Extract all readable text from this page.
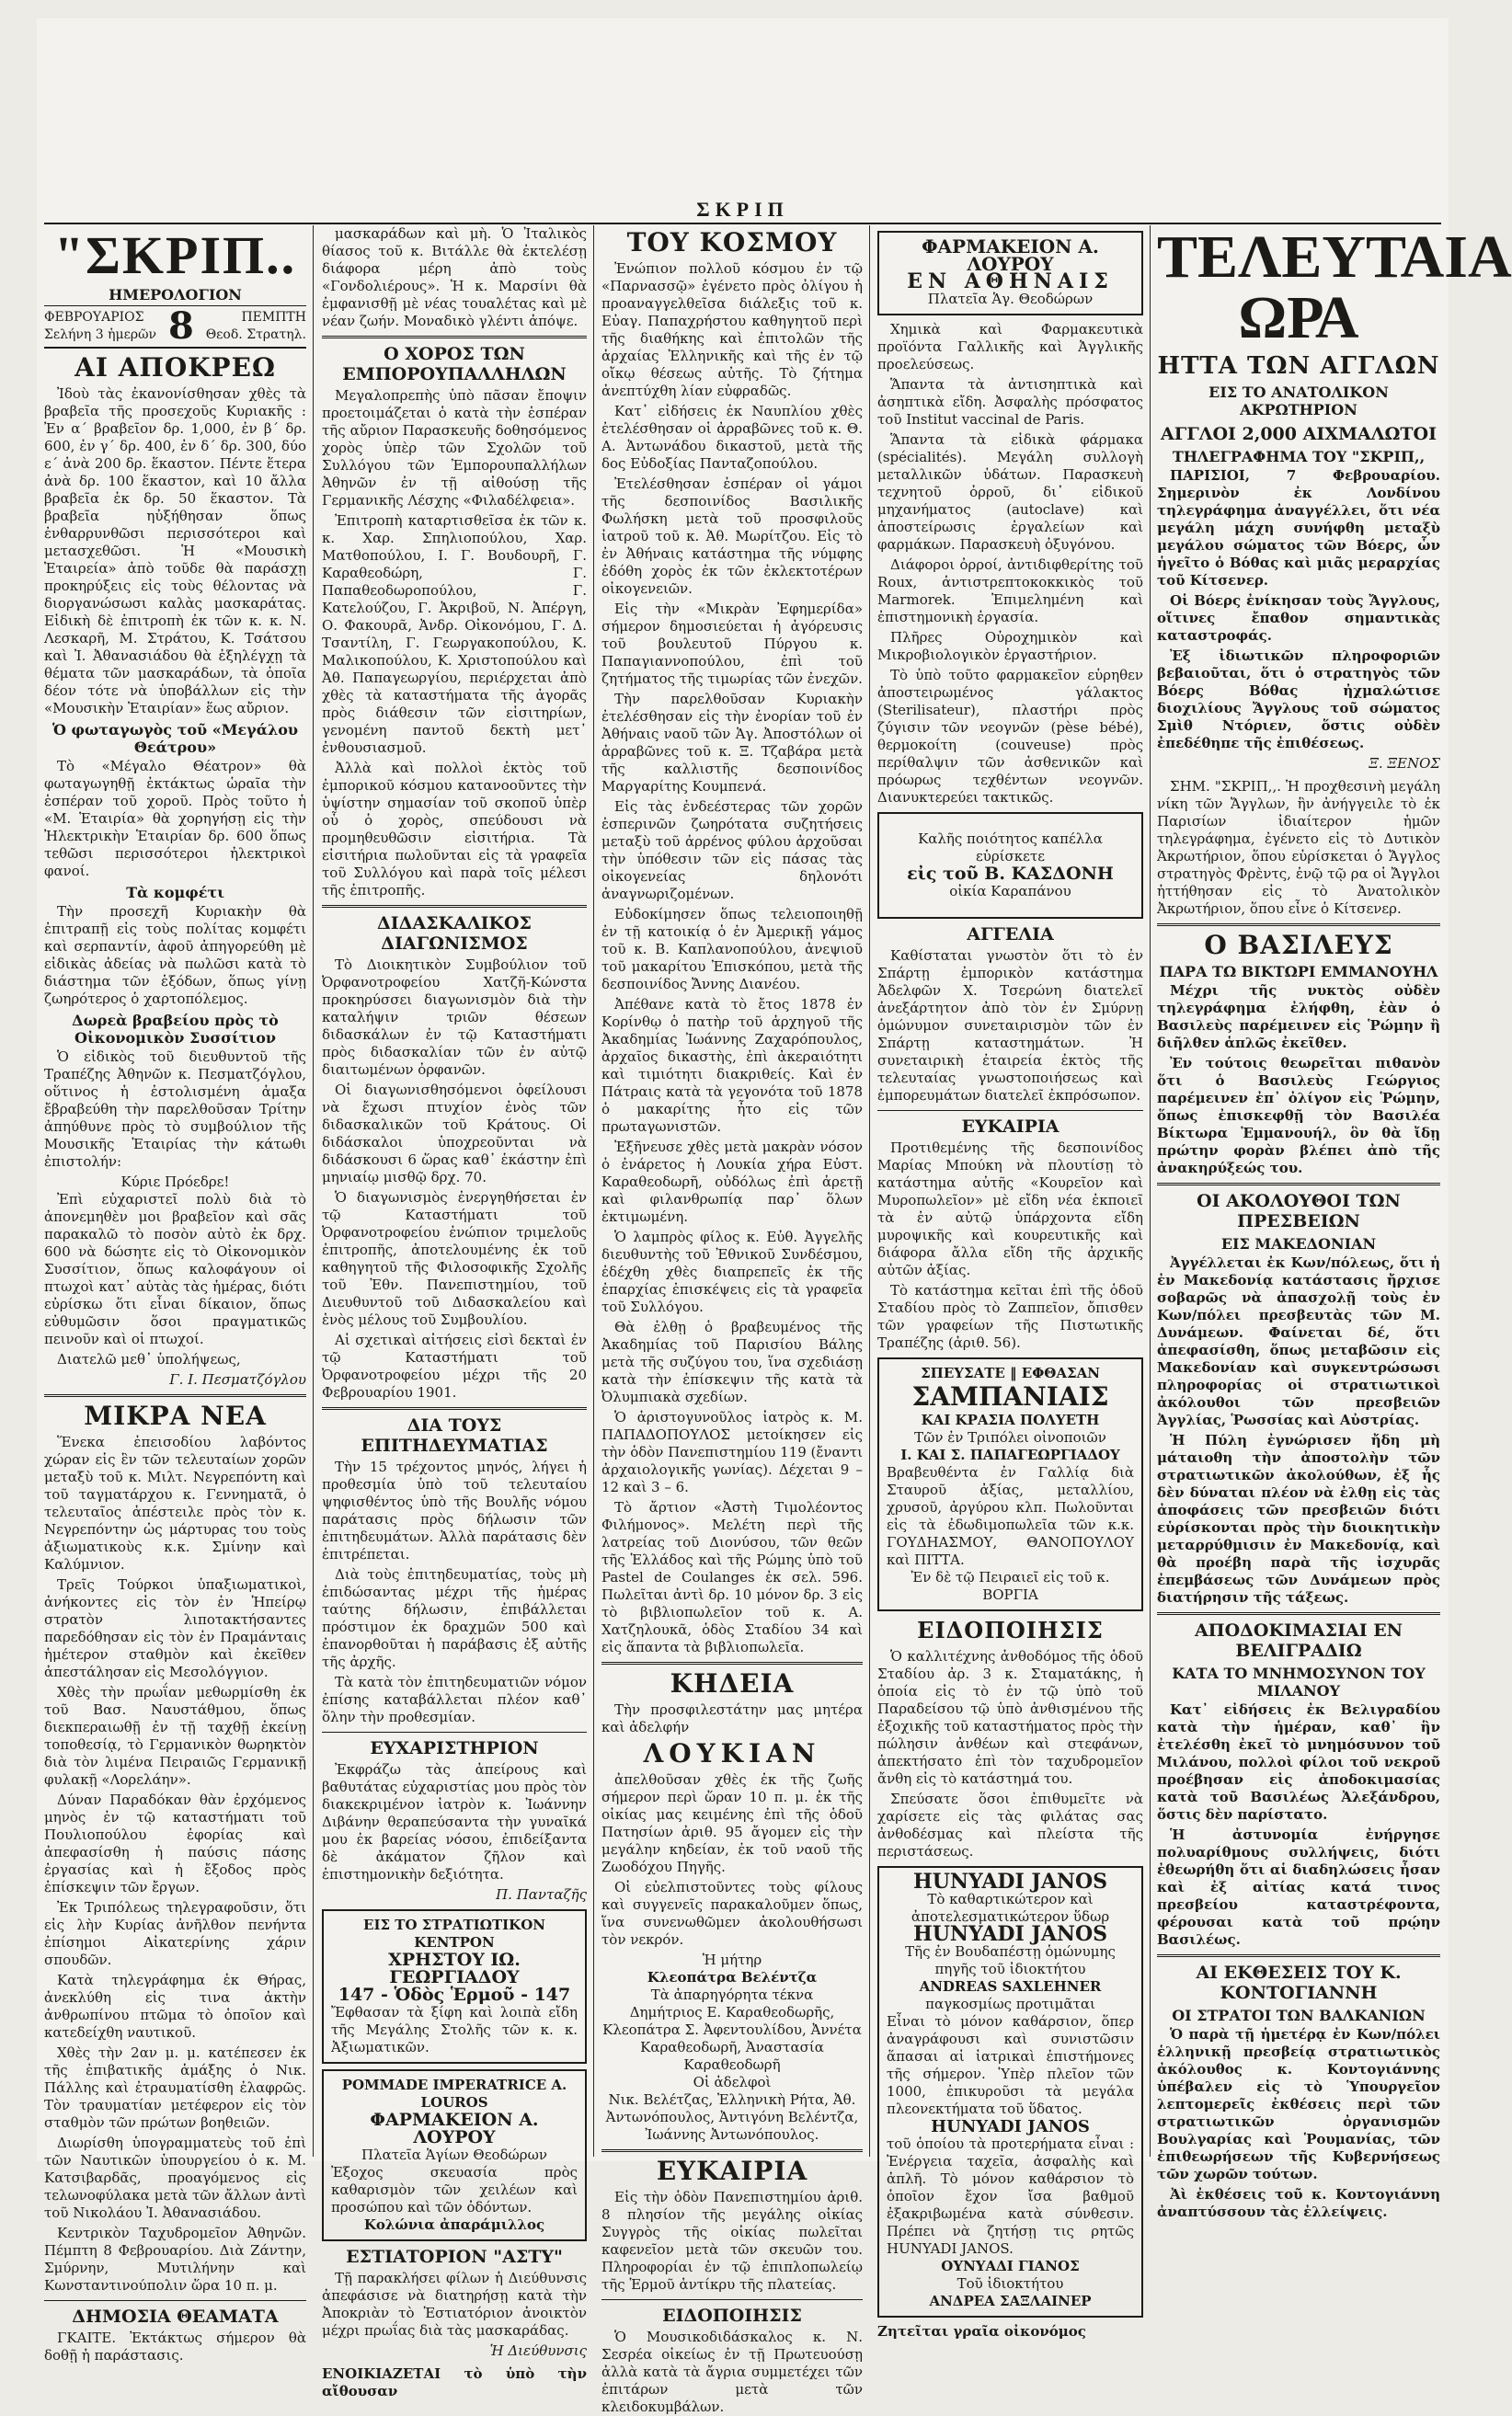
ΣΚΡΙΠ
"ΣΚΡΙΠ..
ΗΜΕΡΟΛΟΓΙΟΝ
ΦΕΒΡΟΥΑΡΙΟΣ
Σελήνη 3 ἡμερῶν 8	ΠΕΜΠΤΗ
Θεοδ. Στρατηλ.
ΑΙ ΑΠΟΚΡΕΩ

Ἰδοὺ τὰς ἐκανονίσθησαν χθὲς τὰ βραβεῖα τῆς προσεχοῦς Κυριακῆς : Ἐν α´ βραβεῖον δρ. 1,000, ἐν β´ δρ. 600, ἐν γ´ δρ. 400, ἐν δ´ δρ. 300, δύο ε´ ἀνὰ 200 δρ. ἕκαστον. Πέντε ἕτερα ἀνὰ δρ. 100 ἕκαστον, καὶ 10 ἄλλα βραβεῖα ἐκ δρ. 50 ἕκαστον. Τὰ βραβεῖα ηὐξήθησαν ὅπως ἐνθαρρυνθῶσι περισσότεροι καὶ μετασχεθῶσι. Ἡ «Μουσικὴ Ἑταιρεία» ἀπὸ τοῦδε θὰ παράσχῃ προκηρύξεις εἰς τοὺς θέλοντας νὰ διοργανώσωσι καλὰς μασκαράτας. Εἰδικὴ δὲ ἐπιτροπὴ ἐκ τῶν κ. κ. Ν. Λεσκαρῆ, Μ. Στράτου, Κ. Τσάτσου καὶ Ἰ. Ἀθανασιάδου θὰ ἐξηλέγχῃ τὰ θέματα τῶν μασκαράδων, τὰ ὁποῖα δέον τότε νὰ ὑποβάλλων εἰς τὴν «Μουσικὴν Ἑταιρίαν» ἕως αὔριον.

Ὁ φωταγωγὸς τοῦ «Μεγάλου Θεάτρου»

Τὸ «Μέγαλο Θέατρον» θὰ φωταγωγηθῇ ἐκτάκτως ὡραῖα τὴν ἑσπέραν τοῦ χοροῦ. Πρὸς τοῦτο ἡ «Μ. Ἑταιρία» θὰ χορηγήσῃ εἰς τὴν Ἠλεκτρικὴν Ἑταιρίαν δρ. 600 ὅπως τεθῶσι περισσότεροι ἠλεκτρικοὶ φανοί.

Τὰ κομφέτι

Τὴν προσεχῆ Κυριακὴν θὰ ἐπιτραπῇ εἰς τοὺς πολίτας κομφέτι καὶ σερπαντίν, ἀφοῦ ἀπηγορεύθη μὲ εἰδικὰς ἀδείας νὰ πωλῶσι κατὰ τὸ διάστημα τῶν ἑξόδων, ὅπως γίνῃ ζωηρότερος ὁ χαρτοπόλεμος.

Δωρεὰ βραβείου πρὸς τὸ Οἰκονομικὸν Συσσίτιον

Ὁ εἰδικὸς τοῦ διευθυντοῦ τῆς Τραπέζης Ἀθηνῶν κ. Πεσματζόγλου, οὕτινος ἡ ἐστολισμένη ἁμαξα ἔβραβεύθη τὴν παρελθοῦσαν Τρίτην ἀπηύθυνε πρὸς τὸ συμβούλιον τῆς Μουσικῆς Ἑταιρίας τὴν κάτωθι ἐπιστολήν:

Κύριε Πρόεδρε!

Ἐπὶ εὐχαριστεῖ πολὺ διὰ τὸ ἀπονεμηθὲν μοι βραβεῖον καὶ σᾶς παρακαλῶ τὸ ποσὸν αὐτὸ ἐκ δρχ. 600 νὰ δώσητε εἰς τὸ Οἰκονομικὸν Συσσίτιον, ὅπως καλοφάγουν οἱ πτωχοὶ κατ᾽ αὐτὰς τὰς ἡμέρας, διότι εὐρίσκω ὅτι εἶναι δίκαιον, ὅπως εὐθυμῶσιν ὅσοι πραγματικῶς πεινοῦν καὶ οἱ πτωχοί.

Διατελῶ μεθ᾽ ὑπολήψεως,

Γ. Ι. Πεσματζόγλου
ΜΙΚΡΑ ΝΕΑ

Ἕνεκα ἐπεισοδίου λαβόντος χώραν εἰς ἓν τῶν τελευταίων χορῶν μεταξὺ τοῦ κ. Μιλτ. Νεγρεπόντη καὶ τοῦ ταγματάρχου κ. Γεννηματᾶ, ὁ τελευταῖος ἀπέστειλε πρὸς τὸν κ. Νεγρεπόντην ὡς μάρτυρας του τοὺς ἀξιωματικοὺς κ.κ. Σμίνην καὶ Καλύμνιον.

Τρεῖς Τούρκοι ὑπαξιωματικοὶ, ἀνήκοντες εἰς τὸν ἐν Ἠπείρῳ στρατὸν λιποτακτήσαντες παρεδόθησαν εἰς τὸν ἐν Πραμάνταις ἡμέτερον σταθμὸν καὶ ἐκεῖθεν ἀπεστάλησαν εἰς Μεσολόγγιον.

Χθὲς τὴν πρωΐαν μεθωρμίσθη ἐκ τοῦ Βασ. Ναυστάθμου, ὅπως διεκπεραιωθῇ ἐν τῇ ταχθῇ ἐκείνῃ τοποθεσίᾳ, τὸ Γερμανικὸν θωρηκτὸν διὰ τὸν λιμένα Πειραιῶς Γερμανικῇ φυλακῇ «Λορελάην».

Δύναν Παραδόκαν θὰν ἐρχόμενος μηνὸς ἐν τῷ καταστήματι τοῦ Πουλιοπούλου ἐφορίας καὶ ἀπεφασίσθη ἡ παύσις πάσης ἐργασίας καὶ ἡ ἔξοδος πρὸς ἐπίσκεψιν τῶν ἔργων.

Ἐκ Τριπόλεως τηλεγραφοῦσιν, ὅτι εἰς λὴν Κυρίας ἀνῆλθον πενήντα ἐπίσημοι Αἰκατερίνης χάριν σπουδῶν.

Κατὰ τηλεγράφημα ἐκ Θήρας, ἀνεκλύθη εἰς τινα ἀκτὴν ἀνθρωπίνου πτῶμα τὸ ὁποῖον καὶ κατεδείχθη ναυτικοῦ.

Χθὲς τὴν 2αν μ. μ. κατέπεσεν ἐκ τῆς ἐπιβατικῆς ἁμάξης ὁ Νικ. Πάλλης καὶ ἐτραυματίσθη ἐλαφρῶς. Τὸν τραυματίαν μετέφερον εἰς τὸν σταθμὸν τῶν πρώτων βοηθειῶν.

Διωρίσθη ὑπογραμματεὺς τοῦ ἐπὶ τῶν Ναυτικῶν ὑπουργείου ὁ κ. Μ. Κατσιβαρδᾶς, προαγόμενος εἰς τελωνοφύλακα μετὰ τῶν ἄλλων ἀντὶ τοῦ Νικολάου Ἰ. Ἀθανασιάδου.

Κεντρικὸν Ταχυδρομεῖον Ἀθηνῶν. Πέμπτη 8 Φεβρουαρίου. Διὰ Ζάντην, Σμύρνην, Μυτιλήνην καὶ Κωνσταντινούπολιν ὥρα 10 π. μ.

ΔΗΜΟΣΙΑ ΘΕΑΜΑΤΑ

ΓΚΑΙΤΕ. Ἐκτάκτως σήμερον θὰ δοθῇ ἡ παράστασις.

μασκαράδων καὶ μὴ. Ὁ Ἰταλικὸς θίασος τοῦ κ. Βιτάλλε θὰ ἐκτελέσῃ διάφορα μέρη ἀπὸ τοὺς «Γονδολιέρους». Ἡ κ. Μαρσίνι θὰ ἐμφανισθῇ μὲ νέας τουαλέτας καὶ μὲ νέαν ζωήν. Μοναδικὸ γλέντι ἀπόψε.

Ο ΧΟΡΟΣ ΤΩΝ ΕΜΠΟΡΟΥΠΑΛΛΗΛΩΝ

Μεγαλοπρεπὴς ὑπὸ πᾶσαν ἔποψιν προετοιμάζεται ὁ κατὰ τὴν ἑσπέραν τῆς αὔριον Παρασκευῆς δοθησόμενος χορὸς ὑπὲρ τῶν Σχολῶν τοῦ Συλλόγου τῶν Ἐμπορουπαλλήλων Ἀθηνῶν ἐν τῇ αἰθούσῃ τῆς Γερμανικῆς Λέσχης «Φιλαδέλφεια».

Ἐπιτροπὴ καταρτισθεῖσα ἐκ τῶν κ. κ. Χαρ. Σπηλιοπούλου, Χαρ. Ματθοπούλου, Ι. Γ. Βουδουρῆ, Γ. Καραθεοδώρη, Γ. Παπαθεοδωροπούλου, Γ. Κατελούζου, Γ. Ἀκριβοῦ, Ν. Ἀπέργη, Ο. Φακουρᾶ, Ἀνδρ. Οἰκονόμου, Γ. Δ. Τσαντίλη, Γ. Γεωργακοπούλου, Κ. Μαλικοπούλου, Κ. Χριστοπούλου καὶ Ἀθ. Παπαγεωργίου, περιέρχεται ἀπὸ χθὲς τὰ καταστήματα τῆς ἀγορᾶς πρὸς διάθεσιν τῶν εἰσιτηρίων, γενομένη παντοῦ δεκτὴ μετ᾽ ἐνθουσιασμοῦ.

Ἀλλὰ καὶ πολλοὶ ἐκτὸς τοῦ ἐμπορικοῦ κόσμου κατανοοῦντες τὴν ὑψίστην σημασίαν τοῦ σκοποῦ ὑπὲρ οὗ ὁ χορὸς, σπεύδουσι νὰ προμηθευθῶσιν εἰσιτήρια. Τὰ εἰσιτήρια πωλοῦνται εἰς τὰ γραφεῖα τοῦ Συλλόγου καὶ παρὰ τοῖς μέλεσι τῆς ἐπιτροπῆς.

ΔΙΔΑΣΚΑΛΙΚΟΣ ΔΙΑΓΩΝΙΣΜΟΣ

Τὸ Διοικητικὸν Συμβούλιον τοῦ Ὀρφανοτροφείου Χατζῆ-Κώνστα προκηρύσσει διαγωνισμὸν διὰ τὴν καταλήψιν τριῶν θέσεων διδασκάλων ἐν τῷ Καταστήματι πρὸς διδασκαλίαν τῶν ἐν αὐτῷ διαιτωμένων ὀρφανῶν.

Οἱ διαγωνισθησόμενοι ὀφείλουσι νὰ ἔχωσι πτυχίον ἐνὸς τῶν διδασκαλικῶν τοῦ Κράτους. Οἱ διδάσκαλοι ὑποχρεοῦνται νὰ διδάσκουσι 6 ὥρας καθ᾽ ἑκάστην ἐπὶ μηνιαίῳ μισθῷ δρχ. 70.

Ὁ διαγωνισμὸς ἐνεργηθήσεται ἐν τῷ Καταστήματι τοῦ Ὀρφανοτροφείου ἐνώπιον τριμελοῦς ἐπιτροπῆς, ἀποτελουμένης ἐκ τοῦ καθηγητοῦ τῆς Φιλοσοφικῆς Σχολῆς τοῦ Ἐθν. Πανεπιστημίου, τοῦ Διευθυντοῦ τοῦ Διδασκαλείου καὶ ἑνὸς μέλους τοῦ Συμβουλίου.

Αἱ σχετικαὶ αἰτήσεις εἰσὶ δεκταὶ ἐν τῷ Καταστήματι τοῦ Ὀρφανοτροφείου μέχρι τῆς 20 Φεβρουαρίου 1901.

ΔΙΑ ΤΟΥΣ ΕΠΙΤΗΔΕΥΜΑΤΙΑΣ

Τὴν 15 τρέχοντος μηνός, λήγει ἡ προθεσμία ὑπὸ τοῦ τελευταίου ψηφισθέντος ὑπὸ τῆς Βουλῆς νόμου παράτασις πρὸς δήλωσιν τῶν ἐπιτηδευμάτων. Ἀλλὰ παράτασις δὲν ἐπιτρέπεται.

Διὰ τοὺς ἐπιτηδευματίας, τοὺς μὴ ἐπιδώσαντας μέχρι τῆς ἡμέρας ταύτης δήλωσιν, ἐπιβάλλεται πρόστιμον ἐκ δραχμῶν 500 καὶ ἐπανορθοῦται ἡ παράβασις ἐξ αὐτῆς τῆς ἀρχῆς.

Τὰ κατὰ τὸν ἐπιτηδευματιῶν νόμον ἐπίσης καταβάλλεται πλέον καθ᾽ ὅλην τὴν προθεσμίαν.

ΕΥΧΑΡΙΣΤΗΡΙΟΝ

Ἐκφράζω τὰς ἀπείρους καὶ βαθυτάτας εὐχαριστίας μου πρὸς τὸν διακεκριμένον ἰατρὸν κ. Ἰωάννην Διβάνην θεραπεύσαντα τὴν γυναῖκά μου ἐκ βαρείας νόσου, ἐπιδείξαντα δὲ ἀκάματον ζῆλον καὶ ἐπιστημονικὴν δεξιότητα.

Π. Πανταζῆς
ΕΙΣ ΤΟ ΣΤΡΑΤΙΩΤΙΚΟΝ ΚΕΝΤΡΟΝ
ΧΡΗΣΤΟΥ ΙΩ. ΓΕΩΡΓΙΑΔΟΥ
147 - Ὁδὸς Ἑρμοῦ - 147
Ἔφθασαν τὰ ξίφη καὶ λοιπὰ εἴδη τῆς Μεγάλης Στολῆς τῶν κ. κ. Ἀξιωματικῶν.
POMMADE IMPERATRICE A. LOUROS
ΦΑΡΜΑΚΕΙΟΝ Α. ΛΟΥΡΟΥ
Πλατεῖα Ἁγίων Θεοδώρων
Ἐξοχος σκευασία πρὸς καθαρισμὸν τῶν χειλέων καὶ προσώπου καὶ τῶν ὀδόντων.
Κολώνια ἀπαράμιλλος
ΕΣΤΙΑΤΟΡΙΟΝ "ΑΣΤΥ"

Τῇ παρακλήσει φίλων ἡ Διεύθυνσις ἀπεφάσισε νὰ διατηρήσῃ κατὰ τὴν Ἀποκριὰν τὸ Ἑστιατόριον ἀνοικτὸν μέχρι πρωΐας διὰ τὰς μασκαράδας.

Ἡ Διεύθυνσις
ΕΝΟΙΚΙΑΖΕΤΑΙ τὸ ὑπὸ τὴν αἴθουσαν
ΤΟΥ ΚΟΣΜΟΥ

Ἐνώπιον πολλοῦ κόσμου ἐν τῷ «Παρνασσῷ» ἐγένετο πρὸς ὀλίγου ἡ προαναγγελθεῖσα διάλεξις τοῦ κ. Εὐαγ. Παπαχρήστου καθηγητοῦ περὶ τῆς διαθήκης καὶ ἐπιτολῶν τῆς ἀρχαίας Ἑλληνικῆς καὶ τῆς ἐν τῷ οἴκῳ θέσεως αὐτῆς. Τὸ ζήτημα ἀνεπτύχθη λίαν εὐφραδῶς.

Κατ᾽ εἰδήσεις ἐκ Ναυπλίου χθὲς ἐτελέσθησαν οἱ ἀρραβῶνες τοῦ κ. Θ. Α. Ἀντωνάδου δικαστοῦ, μετὰ τῆς δος Εὐδοξίας Πανταζοπούλου.

Ἐτελέσθησαν ἐσπέραν οἱ γάμοι τῆς δεσποινίδος Βασιλικῆς Φωλήσκη μετὰ τοῦ προσφιλοῦς ἰατροῦ τοῦ κ. Ἀθ. Μωρίτζου. Εἰς τὸ ἐν Ἀθήναις κατάστημα τῆς νύμφης ἐδόθη χορὸς ἐκ τῶν ἐκλεκτοτέρων οἰκογενειῶν.

Εἰς τὴν «Μικρὰν Ἐφημερίδα» σήμερον δημοσιεύεται ἡ ἀγόρευσις τοῦ βουλευτοῦ Πύργου κ. Παπαγιαννοπούλου, ἐπὶ τοῦ ζητήματος τῆς τιμωρίας τῶν ἐνεχῶν.

Τὴν παρελθοῦσαν Κυριακὴν ἐτελέσθησαν εἰς τὴν ἐνορίαν τοῦ ἐν Ἀθήναις ναοῦ τῶν Ἁγ. Ἀποστόλων οἱ ἀρραβῶνες τοῦ κ. Ξ. Τζαβάρα μετὰ τῆς καλλιστῆς δεσποινίδος Μαργαρίτης Κουμπενά.

Εἰς τὰς ἐνδεέστερας τῶν χορῶν ἑσπερινῶν ζωηρότατα συζητήσεις μεταξὺ τοῦ ἀρρένος φύλου ἀρχοῦσαι τὴν ὑπόθεσιν τῶν εἰς πάσας τὰς οἰκογενείας δηλονότι ἀναγνωριζομένων.

Εὐδοκίμησεν ὅπως τελειοποιηθῇ ἐν τῇ κατοικίᾳ ὁ ἐν Ἀμερικῇ γάμος τοῦ κ. Β. Καπλανοπούλου, ἀνεψιοῦ τοῦ μακαρίτου Ἐπισκόπου, μετὰ τῆς δεσποινίδος Ἄννης Διανέου.

Ἀπέθανε κατὰ τὸ ἔτος 1878 ἐν Κορίνθῳ ὁ πατὴρ τοῦ ἀρχηγοῦ τῆς Ἀκαδημίας Ἰωάννης Ζαχαρόπουλος, ἀρχαῖος δικαστὴς, ἐπὶ ἀκεραιότητι καὶ τιμιότητι διακριθείς. Καὶ ἐν Πάτραις κατὰ τὰ γεγονότα τοῦ 1878 ὁ μακαρίτης ἦτο εἰς τῶν πρωταγωνιστῶν.

Ἐξῆνευσε χθὲς μετὰ μακρὰν νόσον ὁ ἐνάρετος ἡ Λουκία χήρα Εὐστ. Καραθεοδωρῆ, οὐδόλως ἐπὶ ἀρετῇ καὶ φιλανθρωπίᾳ παρ᾽ ὅλων ἐκτιμωμένη.

Ὁ λαμπρὸς φίλος κ. Εὐθ. Ἀγγελῆς διευθυντὴς τοῦ Ἐθνικοῦ Συνδέσμου, ἐδέχθη χθὲς διαπρεπεῖς ἐκ τῆς ἐπαρχίας ἐπισκέψεις εἰς τὰ γραφεῖα τοῦ Συλλόγου.

Θὰ ἐλθῃ ὁ βραβευμένος τῆς Ἀκαδημίας τοῦ Παρισίου Βάλης μετὰ τῆς συζύγου του, ἵνα σχεδιάσῃ κατὰ τὴν ἐπίσκεψιν τῆς κατὰ τὰ Ὀλυμπιακὰ σχεδίων.

Ὁ ἀριστογυνοῦλος ἰατρὸς κ. Μ. ΠΑΠΑΔΟΠΟΥΛΟΣ μετοίκησεν εἰς τὴν ὁδὸν Πανεπιστημίου 119 (ἔναντι ἀρχαιολογικῆς γωνίας). Δέχεται 9 – 12 καὶ 3 – 6.

Τὸ ἄρτιον «Ἀστὴ Τιμολέοντος Φιλήμονος». Μελέτη περὶ τῆς λατρείας τοῦ Διονύσου, τῶν θεῶν τῆς Ἑλλάδος καὶ τῆς Ρώμης ὑπὸ τοῦ Pastel de Coulanges ἐκ σελ. 596. Πωλεῖται ἀντὶ δρ. 10 μόνον δρ. 3 εἰς τὸ βιβλιοπωλεῖον τοῦ κ. Α. Χατζηλουκᾶ, ὁδὸς Σταδίου 34 καὶ εἰς ἅπαντα τὰ βιβλιοπωλεῖα.

ΚΗΔΕΙΑ

Τὴν προσφιλεστάτην μας μητέρα καὶ ἀδελφήν

ΛΟΥΚΙΑΝ

ἀπελθοῦσαν χθὲς ἐκ τῆς ζωῆς σήμερον περὶ ὥραν 10 π. μ. ἐκ τῆς οἰκίας μας κειμένης ἐπὶ τῆς ὁδοῦ Πατησίων ἀριθ. 95 ἄγομεν εἰς τὴν μεγάλην κηδείαν, ἐκ τοῦ ναοῦ τῆς Ζωοδόχου Πηγῆς.

Οἱ εὐελπιστοῦντες τοὺς φίλους καὶ συγγενεῖς παρακαλοῦμεν ὅπως, ἵνα συνενωθῶμεν ἀκολουθήσωσι τὸν νεκρόν.

Ἡ μήτηρ
Κλεοπάτρα Βελέντζα
Τὰ ἀπαρηγόρητα τέκνα
Δημήτριος Ε. Καραθεοδωρῆς, Κλεοπάτρα Σ. Ἀφεντουλίδου, Ἀννέτα Καραθεοδωρῆ, Ἀναστασία Καραθεοδωρῆ
Οἱ ἀδελφοὶ
Νικ. Βελέτζας, Ἑλληνικὴ Ρήτα, Ἀθ. Ἀντωνόπουλος, Ἀντιγόνη Βελέντζα, Ἰωάννης Ἀντωνόπουλος.
ΕΥΚΑΙΡΙΑ

Εἰς τὴν ὁδὸν Πανεπιστημίου ἀριθ. 8 πλησίον τῆς μεγάλης οἰκίας Συγγρὸς τῆς οἰκίας πωλεῖται καφενεῖον μετὰ τῶν σκευῶν του. Πληροφορίαι ἐν τῷ ἐπιπλοπωλείῳ τῆς Ἑρμοῦ ἁντίκρυ τῆς πλατείας.

ΕΙΔΟΠΟΙΗΣΙΣ

Ὁ Μουσικοδιδάσκαλος κ. Ν. Σεσρέα οἰκείως ἐν τῇ Πρωτευούσῃ ἀλλὰ κατὰ τὰ ἄγρια συμμετέχει τῶν ἐπιτάρων μετὰ τῶν κλειδοκυμβάλων.

ΦΑΡΜΑΚΕΙΟΝ Α. ΛΟΥΡΟΥ
ΕΝ ΑΘΗΝΑΙΣ
Πλατεῖα Ἁγ. Θεοδώρων

Χημικὰ καὶ Φαρμακευτικὰ προϊόντα Γαλλικῆς καὶ Ἀγγλικῆς προελεύσεως.

Ἅπαντα τὰ ἀντισηπτικὰ καὶ ἀσηπτικὰ εἴδη. Ἀσφαλὴς πρόσφατος τοῦ Institut vaccinal de Paris.

Ἅπαντα τὰ εἰδικὰ φάρμακα (spécialités). Μεγάλη συλλογὴ μεταλλικῶν ὑδάτων. Παρασκευὴ τεχνητοῦ ὀρροῦ, δι᾽ εἰδικοῦ μηχανήματος (autoclave) καὶ ἀποστείρωσις ἐργαλείων καὶ φαρμάκων. Παρασκευὴ ὀξυγόνου.

Διάφοροι ὀρροί, ἀντιδιφθερίτης τοῦ Roux, ἀντιστρεπτοκοκκικὸς τοῦ Marmorek. Ἐπιμελημένη καὶ ἐπιστημονικὴ ἐργασία.

Πλῆρες Οὐροχημικὸν καὶ Μικροβιολογικὸν ἐργαστήριον.

Τὸ ὑπὸ τοῦτο φαρμακεῖον εὑρηθεν ἀποστειρωμένος γάλακτος (Sterilisateur), πλαστήρι πρὸς ζύγισιν τῶν νεογνῶν (pèse bébé), θερμοκοίτη (couveuse) πρὸς περίθαλψιν τῶν ἀσθενικῶν καὶ πρόωρως τεχθέντων νεογνῶν. Διανυκτερεύει τακτικῶς.

Καλῆς ποιότητος καπέλλα εὑρίσκετε
εἰς τοῦ Β. ΚΑΣΔΟΝΗ
οἰκία Καραπάνου
ΑΓΓΕΛΙΑ

Καθίσταται γνωστὸν ὅτι τὸ ἐν Σπάρτῃ ἐμπορικὸν κατάστημα Ἀδελφῶν Χ. Τσερώνη διατελεῖ ἀνεξάρτητον ἀπὸ τὸν ἐν Σμύρνῃ ὁμώνυμον συνεταιρισμὸν τῶν ἐν Σπάρτῃ καταστημάτων. Ἠ συνεταιρικὴ ἐταιρεία ἐκτὸς τῆς τελευταίας γνωστοποιήσεως καὶ ἐμπορευμάτων διατελεῖ ἐκπρόσωπον.

ΕΥΚΑΙΡΙΑ

Προτιθεμένης τῆς δεσποινίδος Μαρίας Μπούκη νὰ πλουτίσῃ τὸ κατάστημα αὐτῆς «Κουρεῖον καὶ Μυροπωλεῖον» μὲ εἴδη νέα ἐκποιεῖ τὰ ἐν αὐτῷ ὑπάρχοντα εἴδη μυροψικῆς καὶ κουρευτικῆς καὶ διάφορα ἄλλα εἴδη τῆς ἀρχικῆς αὐτῶν ἀξίας.

Τὸ κατάστημα κεῖται ἐπὶ τῆς ὁδοῦ Σταδίου πρὸς τὸ Ζαππεῖον, ὄπισθεν τῶν γραφείων τῆς Πιστωτικῆς Τραπέζης (ἀριθ. 56).

ΣΠΕΥΣΑΤΕ ‖ ΕΦΘΑΣΑΝ
ΣΑΜΠΑΝΙΑΙΣ
ΚΑΙ ΚΡΑΣΙΑ ΠΟΛΥΕΤΗ
Τῶν ἐν Τριπόλει οἰνοποιῶν
Ι. ΚΑΙ Σ. ΠΑΠΑΓΕΩΡΓΙΑΔΟΥ
Βραβευθέντα ἐν Γαλλίᾳ διὰ Σταυροῦ ἀξίας, μεταλλίου, χρυσοῦ, ἀργύρου κλπ. Πωλοῦνται εἰς τὰ ἐδωδιμοπωλεῖα τῶν κ.κ. ΓΟΥΔΗΑΣΜΟΥ, ΘΑΝΟΠΟΥΛΟΥ καὶ ΠΙΤΤΑ.
Ἐν δὲ τῷ Πειραιεῖ εἰς τοῦ κ. ΒΟΡΓΙΑ
ΕΙΔΟΠΟΙΗΣΙΣ

Ὁ καλλιτέχνης ἀνθοδόμος τῆς ὁδοῦ Σταδίου ἀρ. 3 κ. Σταματάκης, ἡ ὁποία εἰς τὸ ἐν τῷ ὑπὸ τοῦ Παραδείσου τῷ ὑπὸ ἀνθισμένου τῆς ἐξοχικῆς τοῦ καταστήματος πρὸς τὴν πώλησιν ἀνθέων καὶ στεφάνων, ἀπεκτήσατο ἐπὶ τὸν ταχυδρομεῖον ἄνθη εἰς τὸ κατάστημά του.

Σπεύσατε ὅσοι ἐπιθυμεῖτε νὰ χαρίσετε εἰς τὰς φιλάτας σας ἀνθοδέσμας καὶ πλείστα τῆς περιστάσεως.

HUNYADI JANOS
Τὸ καθαρτικώτερον καὶ ἀποτελεσματικώτερον ὕδωρ
HUNYADI JANOS
Τῆς ἐν Βουδαπέστῃ ὁμώνυμης πηγῆς τοῦ ἰδιοκτήτου
ANDREAS SAXLEHNER
παγκοσμίως προτιμᾶται
Εἶναι τὸ μόνον καθάρσιον, ὅπερ ἀναγράφουσι καὶ συνιστῶσιν ἅπασαι αἱ ἰατρικαὶ ἐπιστήμονες τῆς σήμερον. Ὑπὲρ πλεῖον τῶν 1000, ἐπικυροῦσι τὰ μεγάλα πλεονεκτήματα τοῦ ὕδατος.
HUNYADI JANOS
τοῦ ὁποίου τὰ προτερήματα εἶναι : Ἐνέργεια ταχεῖα, ἀσφαλὴς καὶ ἀπλῆ. Τὸ μόνον καθάρσιον τὸ ὁποῖον ἔχον ἴσα βαθμοῦ ἐξακριβωμένα κατὰ σύνθεσιν. Πρέπει νὰ ζητήσῃ τις ρητῶς HUNYADI JANOS.
ΟΥΝΥΑΔΙ ΓΙΑΝΟΣ
Τοῦ ἰδιοκτήτου
ΑΝΔΡΕΑ ΣΑΞΛΑΙΝΕΡ
Ζητεῖται γραῖα οἰκονόμος
ΤΕΛΕΥΤΑΙΑ ΩΡΑ
ΗΤΤΑ ΤΩΝ ΑΓΓΛΩΝ
ΕΙΣ ΤΟ ΑΝΑΤΟΛΙΚΟΝ ΑΚΡΩΤΗΡΙΟΝ
ΑΓΓΛΟΙ 2,000 ΑΙΧΜΑΛΩΤΟΙ
ΤΗΛΕΓΡΑΦΗΜΑ ΤΟΥ "ΣΚΡΙΠ,,

ΠΑΡΙΣΙΟΙ, 7 Φεβρουαρίου. Σημερινὸν ἐκ Λονδίνου τηλεγράφημα ἀναγγέλλει, ὅτι νέα μεγάλη μάχη συνήφθη μεταξὺ μεγάλου σώματος τῶν Βόερς, ὧν ἡγεῖτο ὁ Βόθας καὶ μιᾶς μεραρχίας τοῦ Κίτσενερ.

Οἱ Βόερς ἐνίκησαν τοὺς Ἄγγλους, οἵτινες ἔπαθον σημαντικὰς καταστροφάς.

Ἐξ ἰδιωτικῶν πληροφοριῶν βεβαιοῦται, ὅτι ὁ στρατηγὸς τῶν Βόερς Βόθας ἠχμαλώτισε διοχιλίους Ἄγγλους τοῦ σώματος Σμὶθ Ντόριεν, ὅστις οὐδὲν ἐπεδέθηπε τῆς ἐπιθέσεως.

Ξ. ΞΕΝΟΣ

ΣΗΜ. "ΣΚΡΙΠ,,. Ἡ προχθεσινὴ μεγάλη νίκη τῶν Ἄγγλων, ἣν ἀνήγγειλε τὸ ἐκ Παρισίων ἰδιαίτερον ἡμῶν τηλεγράφημα, ἐγένετο εἰς τὸ Δυτικὸν Ἀκρωτήριον, ὅπου εὑρίσκεται ὁ Ἄγγλος στρατηγὸς Φρὲντς, ἐνῷ τῷ ρα οἱ Ἄγγλοι ἡττήθησαν εἰς τὸ Ἀνατολικὸν Ἀκρωτήριον, ὅπου εἶνε ὁ Κίτσενερ.

Ο ΒΑΣΙΛΕΥΣ
ΠΑΡΑ ΤΩ ΒΙΚΤΩΡΙ ΕΜΜΑΝΟΥΗΛ

Μέχρι τῆς νυκτὸς οὐδὲν τηλεγράφημα ἐλήφθη, ἐὰν ὁ Βασιλεὺς παρέμεινεν εἰς Ῥώμην ἢ διῆλθεν ἁπλῶς ἐκεῖθεν.

Ἐν τούτοις θεωρεῖται πιθανὸν ὅτι ὁ Βασιλεὺς Γεώργιος παρέμεινεν ἐπ᾽ ὀλίγον εἰς Ῥώμην, ὅπως ἐπισκεφθῇ τὸν Βασιλέα Βίκτωρα Ἐμμανουήλ, ὃν θὰ ἴδῃ πρώτην φορὰν βλέπει ἀπὸ τῆς ἀνακηρύξεώς του.

ΟΙ ΑΚΟΛΟΥΘΟΙ ΤΩΝ ΠΡΕΣΒΕΙΩΝ
ΕΙΣ ΜΑΚΕΔΟΝΙΑΝ

Ἀγγέλλεται ἐκ Κων/πόλεως, ὅτι ἡ ἐν Μακεδονίᾳ κατάστασις ἤρχισε σοβαρῶς νὰ ἀπασχολῇ τοὺς ἐν Κων/πόλει πρεσβευτὰς τῶν Μ. Δυνάμεων. Φαίνεται δέ, ὅτι ἀπεφασίσθη, ὅπως μεταβῶσιν εἰς Μακεδονίαν καὶ συγκεντρώσωσι πληροφορίας οἱ στρατιωτικοὶ ἀκόλουθοι τῶν πρεσβειῶν Ἀγγλίας, Ῥωσσίας καὶ Αὐστρίας.

Ἡ Πύλη ἐγνώρισεν ἤδη μὴ μάταιοθη τὴν ἀποστολὴν τῶν στρατιωτικῶν ἀκολούθων, ἐξ ἧς δὲν δύναται πλέον νὰ ἐλθῃ εἰς τὰς ἀποφάσεις τῶν πρεσβειῶν διότι εὑρίσκονται πρὸς τὴν διοικητικὴν μεταρρύθμισιν ἐν Μακεδονίᾳ, καὶ θὰ προέβη παρὰ τῆς ἰσχυρᾶς ἐπεμβάσεως τῶν Δυνάμεων πρὸς διατήρησιν τῆς τάξεως.

ΑΠΟΔΟΚΙΜΑΣΙΑΙ ΕΝ ΒΕΛΙΓΡΑΔΙΩ
ΚΑΤΑ ΤΟ ΜΝΗΜΟΣΥΝΟΝ ΤΟΥ ΜΙΛΑΝΟΥ

Κατ᾽ εἰδήσεις ἐκ Βελιγραδίου κατὰ τὴν ἡμέραν, καθ᾽ ἣν ἐτελέσθη ἐκεῖ τὸ μνημόσυνον τοῦ Μιλάνου, πολλοὶ φίλοι τοῦ νεκροῦ προέβησαν εἰς ἀποδοκιμασίας κατὰ τοῦ Βασιλέως Ἀλεξάνδρου, ὅστις δὲν παρίστατο.

Ἡ ἀστυνομία ἐνήργησε πολυαρίθμους συλλήψεις, διότι ἐθεωρήθη ὅτι αἱ διαδηλώσεις ἦσαν καὶ ἐξ αἰτίας κατά τινος πρεσβείου καταστρέφοντα, φέρουσαι κατὰ τοῦ πρῴην Βασιλέως.

ΑΙ ΕΚΘΕΣΕΙΣ ΤΟΥ Κ. ΚΟΝΤΟΓΙΑΝΝΗ
ΟΙ ΣΤΡΑΤΟΙ ΤΩΝ ΒΑΛΚΑΝΙΩΝ

Ὁ παρὰ τῇ ἡμετέρᾳ ἐν Κων/πόλει ἑλληνικῇ πρεσβείᾳ στρατιωτικὸς ἀκόλουθος κ. Κοντογιάννης ὑπέβαλεν εἰς τὸ Ὑπουργεῖον λεπτομερεῖς ἐκθέσεις περὶ τῶν στρατιωτικῶν ὀργανισμῶν Βουλγαρίας καὶ Ῥουμανίας, τῶν ἐπιθεωρήσεων τῆς Κυβερνήσεως τῶν χωρῶν τούτων.

Ἀὶ ἐκθέσεις τοῦ κ. Κοντογιάννη ἀναπτύσσουν τὰς ἐλλείψεις.
